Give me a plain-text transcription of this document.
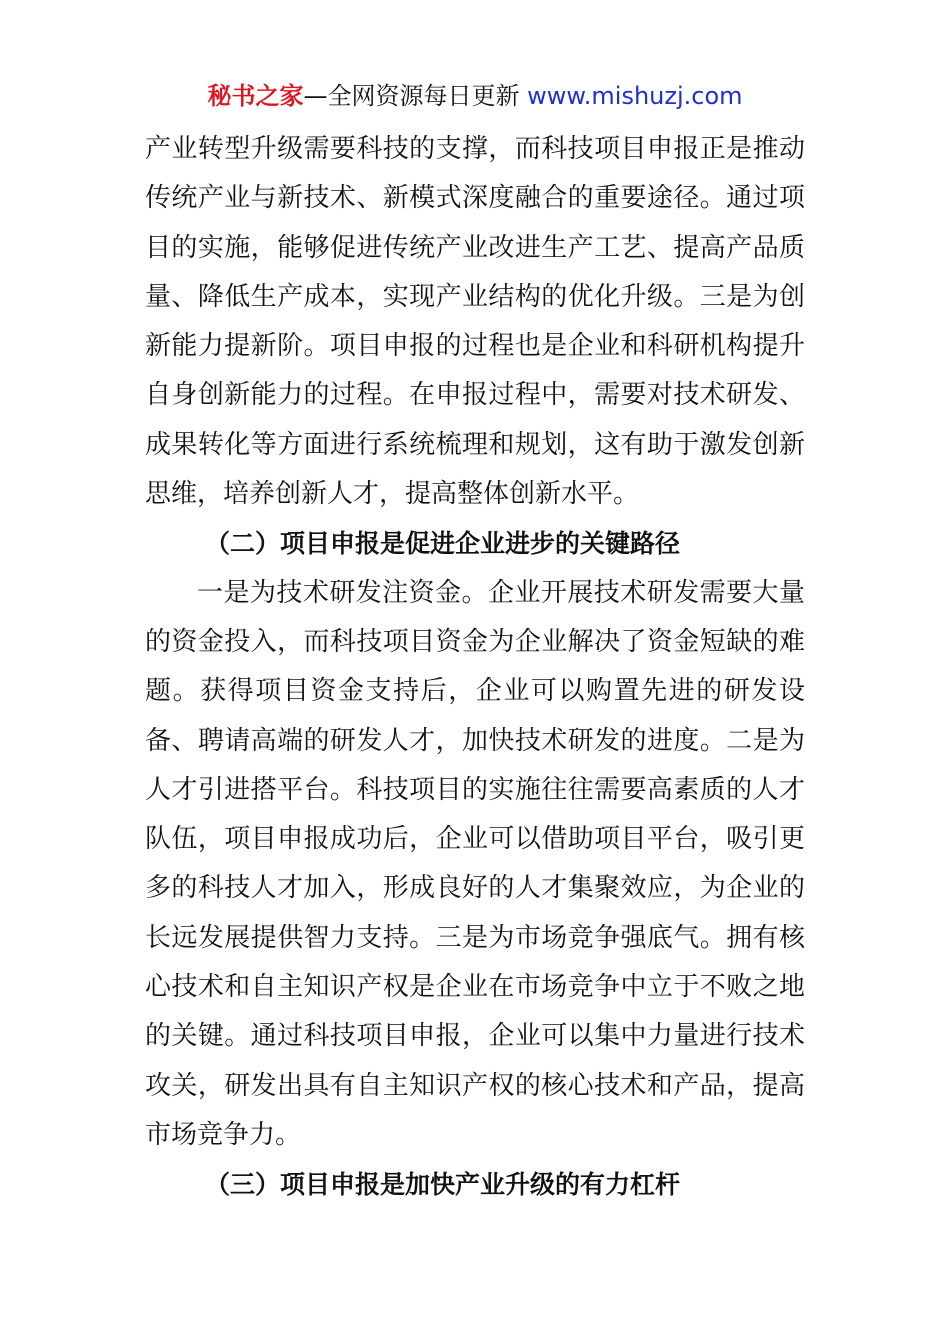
秘书之家—全网资源每日更新 www.mishuzj.com

产业转型升级需要科技的支撑，而科技项目申报正是推动传统产业与新技术、新模式深度融合的重要途径。通过项目的实施，能够促进传统产业改进生产工艺、提高产品质量、降低生产成本，实现产业结构的优化升级。三是为创新能力提新阶。项目申报的过程也是企业和科研机构提升自身创新能力的过程。在申报过程中，需要对技术研发、成果转化等方面进行系统梳理和规划，这有助于激发创新思维，培养创新人才，提高整体创新水平。

（二）项目申报是促进企业进步的关键路径

一是为技术研发注资金。企业开展技术研发需要大量的资金投入，而科技项目资金为企业解决了资金短缺的难题。获得项目资金支持后，企业可以购置先进的研发设备、聘请高端的研发人才，加快技术研发的进度。二是为人才引进搭平台。科技项目的实施往往需要高素质的人才队伍，项目申报成功后，企业可以借助项目平台，吸引更多的科技人才加入，形成良好的人才集聚效应，为企业的长远发展提供智力支持。三是为市场竞争强底气。拥有核心技术和自主知识产权是企业在市场竞争中立于不败之地的关键。通过科技项目申报，企业可以集中力量进行技术攻关，研发出具有自主知识产权的核心技术和产品，提高市场竞争力。

（三）项目申报是加快产业升级的有力杠杆
